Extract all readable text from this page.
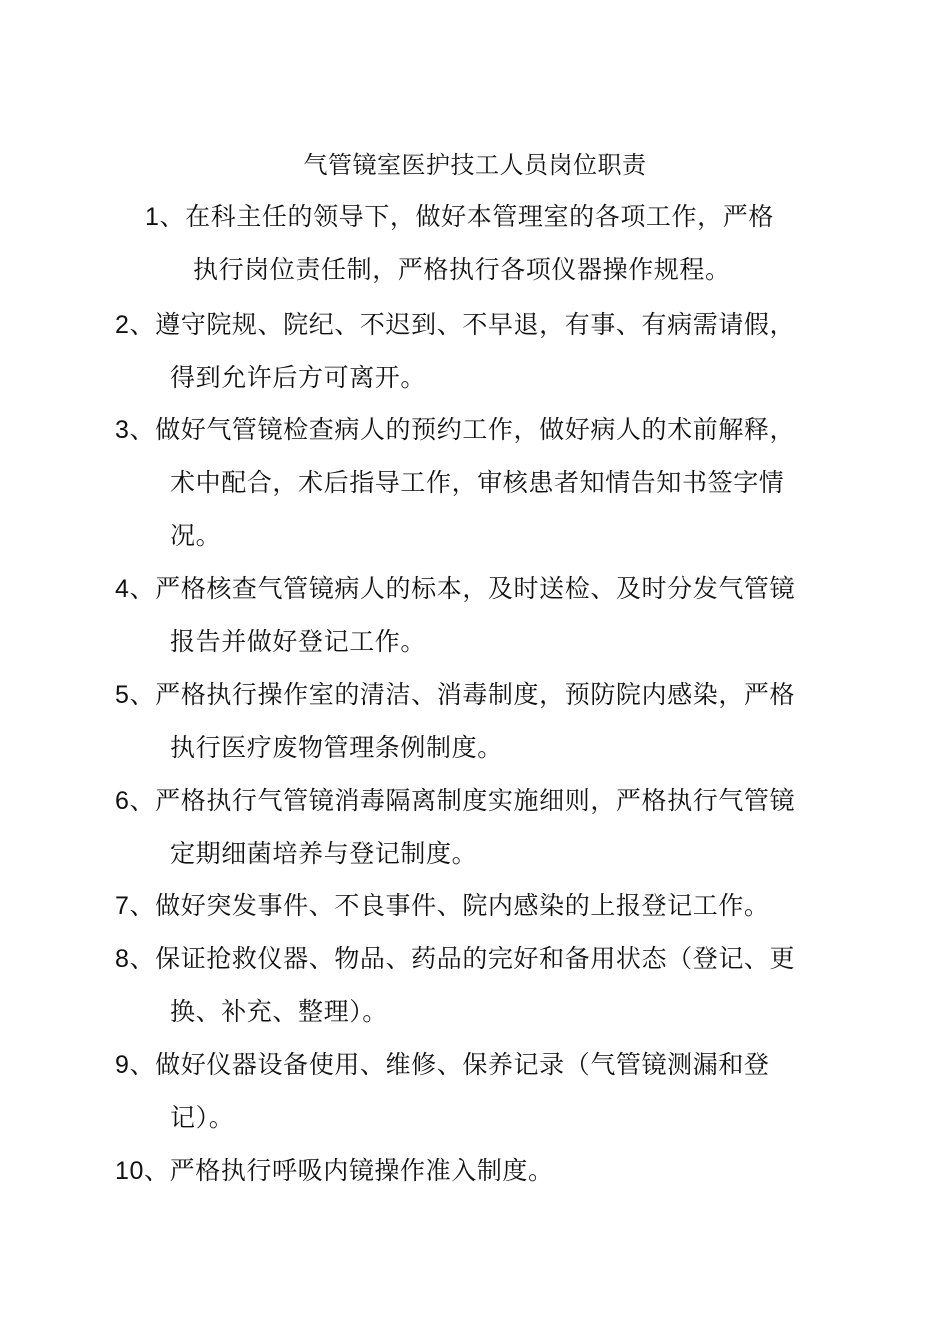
气管镜室医护技工人员岗位职责
1、在科主任的领导下，做好本管理室的各项工作，严格
执行岗位责任制，严格执行各项仪器操作规程。
2、遵守院规、院纪、不迟到、不早退，有事、有病需请假，
得到允许后方可离开。
3、做好气管镜检查病人的预约工作，做好病人的术前解释，
术中配合，术后指导工作，审核患者知情告知书签字情
况。
4、严格核查气管镜病人的标本，及时送检、及时分发气管镜
报告并做好登记工作。
5、严格执行操作室的清洁、消毒制度，预防院内感染，严格
执行医疗废物管理条例制度。
6、严格执行气管镜消毒隔离制度实施细则，严格执行气管镜
定期细菌培养与登记制度。
7、做好突发事件、不良事件、院内感染的上报登记工作。
8、保证抢救仪器、物品、药品的完好和备用状态（登记、更
换、补充、整理）。
9、做好仪器设备使用、维修、保养记录（气管镜测漏和登
记）。
10、严格执行呼吸内镜操作准入制度。
